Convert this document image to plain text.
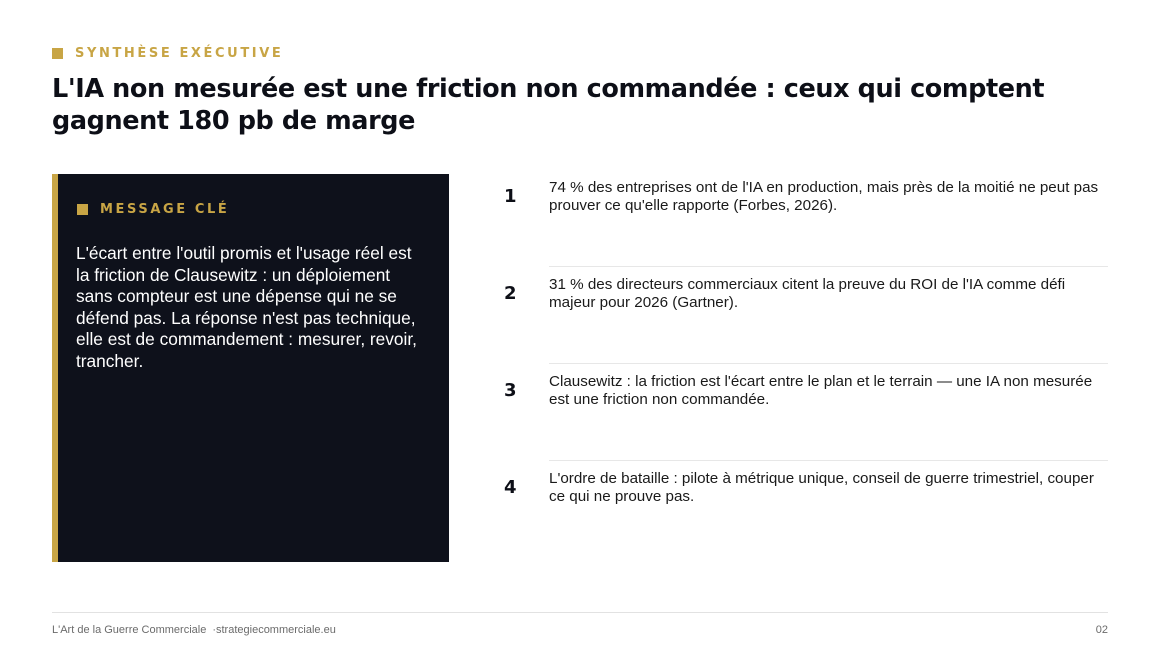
SYNTHÈSE EXÉCUTIVE
L'IA non mesurée est une friction non commandée : ceux qui comptent gagnent 180 pb de marge
MESSAGE CLÉ

L'écart entre l'outil promis et l'usage réel est la friction de Clausewitz : un déploiement sans compteur est une dépense qui ne se défend pas. La réponse n'est pas technique, elle est de commandement : mesurer, revoir, trancher.

1	74 % des entreprises ont de l'IA en production, mais près de la moitié ne peut pas prouver ce qu'elle rapporte (Forbes, 2026).

2	31 % des directeurs commerciaux citent la preuve du ROI de l'IA comme défi majeur pour 2026 (Gartner).

3	Clausewitz : la friction est l'écart entre le plan et le terrain — une IA non mesurée est une friction non commandée.

4	L'ordre de bataille : pilote à métrique unique, conseil de guerre trimestriel, couper ce qui ne prouve pas.

L'Art de la Guerre Commerciale ·strategiecommerciale.eu	02
